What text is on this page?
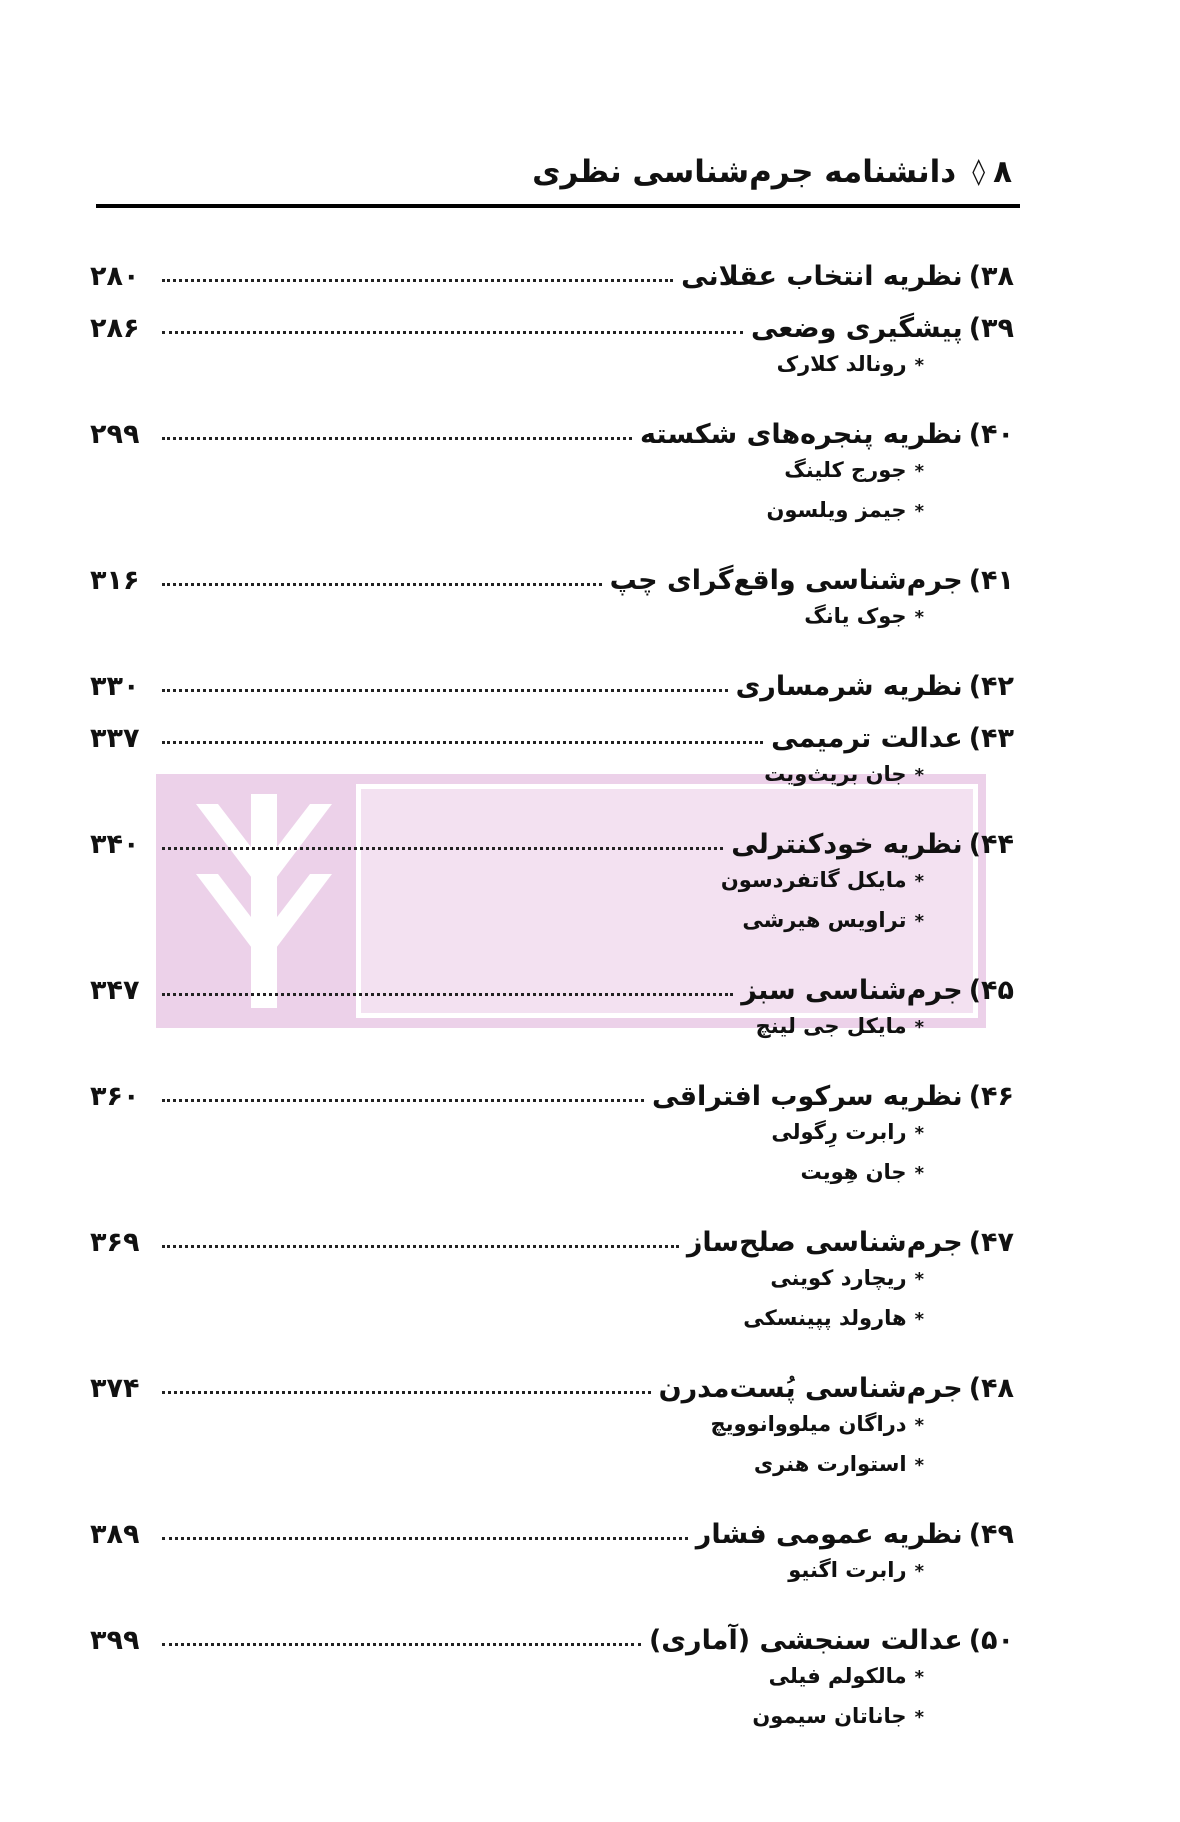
۸
◊
دانشنامه جرم‌شناسی نظری
۳۸)
نظریه انتخاب عقلانی
۲۸۰
۳۹)
پیشگیری وضعی
۲۸۶
*رونالد کلارک
۴۰)
نظریه پنجره‌های شکسته
۲۹۹
*جورج کلینگ
*جیمز ویلسون
۴۱)
جرم‌شناسی واقع‌گرای چپ
۳۱۶
*جوک یانگ
۴۲)
نظریه شرمساری
۳۳۰
۴۳)
عدالت ترمیمی
۳۳۷
*جان بریث‌ویت
۴۴)
نظریه خودکنترلی
۳۴۰
*مایکل گاتفردسون
*تراویس هیرشی
۴۵)
جرم‌شناسی سبز
۳۴۷
*مایکل جی لینچ
۴۶)
نظریه سرکوب افتراقی
۳۶۰
*رابرت رِگولی
*جان هِویت
۴۷)
جرم‌شناسی صلح‌ساز
۳۶۹
*ریچارد کوینی
*هارولد پپینسکی
۴۸)
جرم‌شناسی پُست‌مدرن
۳۷۴
*دراگان میلووانوویچ
*استوارت هنری
۴۹)
نظریه عمومی فشار
۳۸۹
*رابرت اگنیو
۵۰)
عدالت سنجشی (آماری)
۳۹۹
*مالکولم فیلی
*جاناتان سیمون
